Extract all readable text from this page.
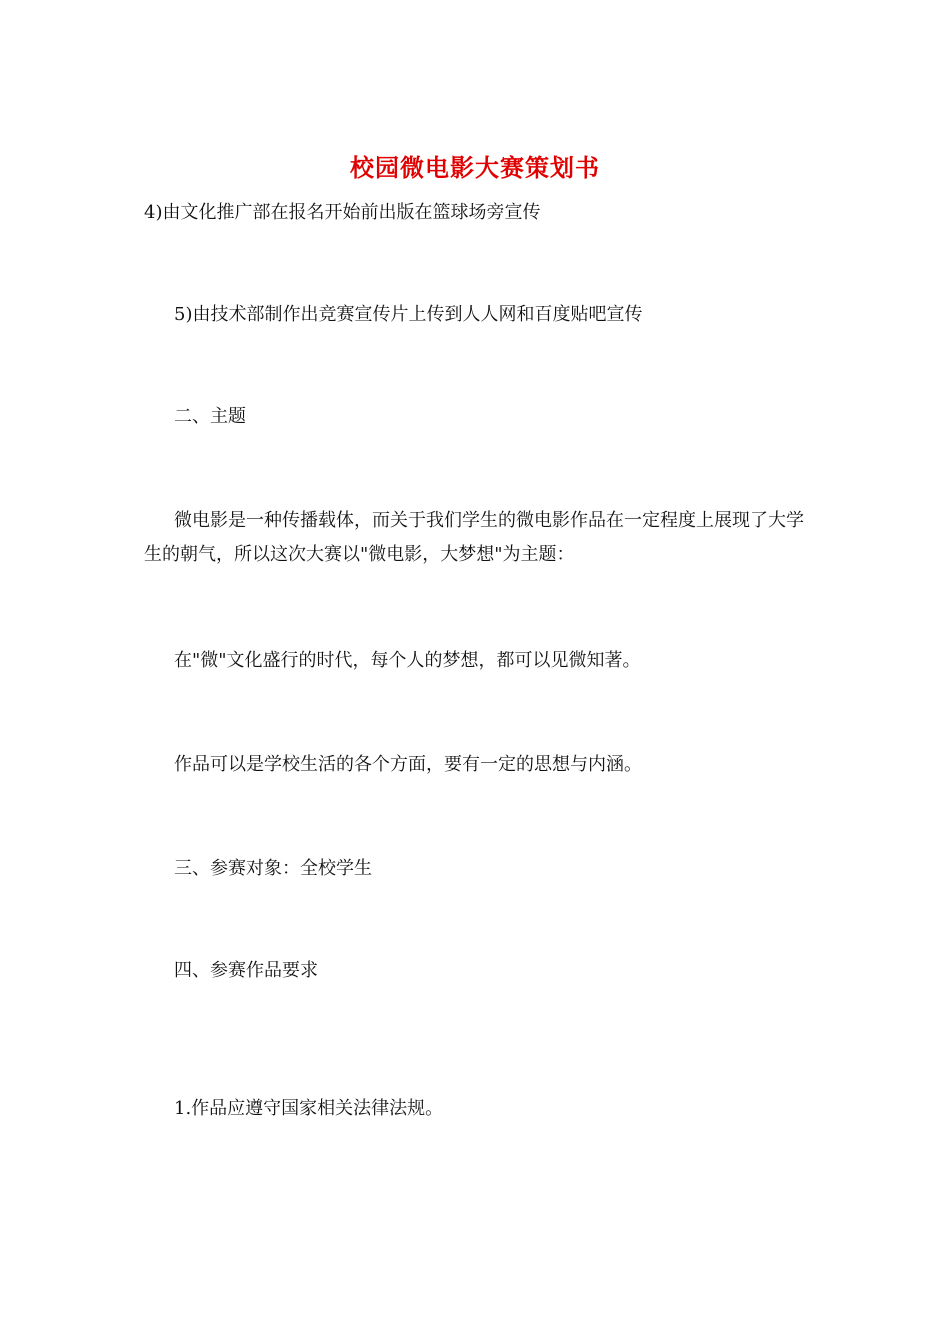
校园微电影大赛策划书
4)由文化推广部在报名开始前出版在篮球场旁宣传
5)由技术部制作出竞赛宣传片上传到人人网和百度贴吧宣传
二、主题
微电影是一种传播载体，而关于我们学生的微电影作品在一定程度上展现了大学生的朝气，所以这次大赛以"微电影，大梦想"为主题：
在"微"文化盛行的时代，每个人的梦想，都可以见微知著。
作品可以是学校生活的各个方面，要有一定的思想与内涵。
三、参赛对象：全校学生
四、参赛作品要求
1.作品应遵守国家相关法律法规。
